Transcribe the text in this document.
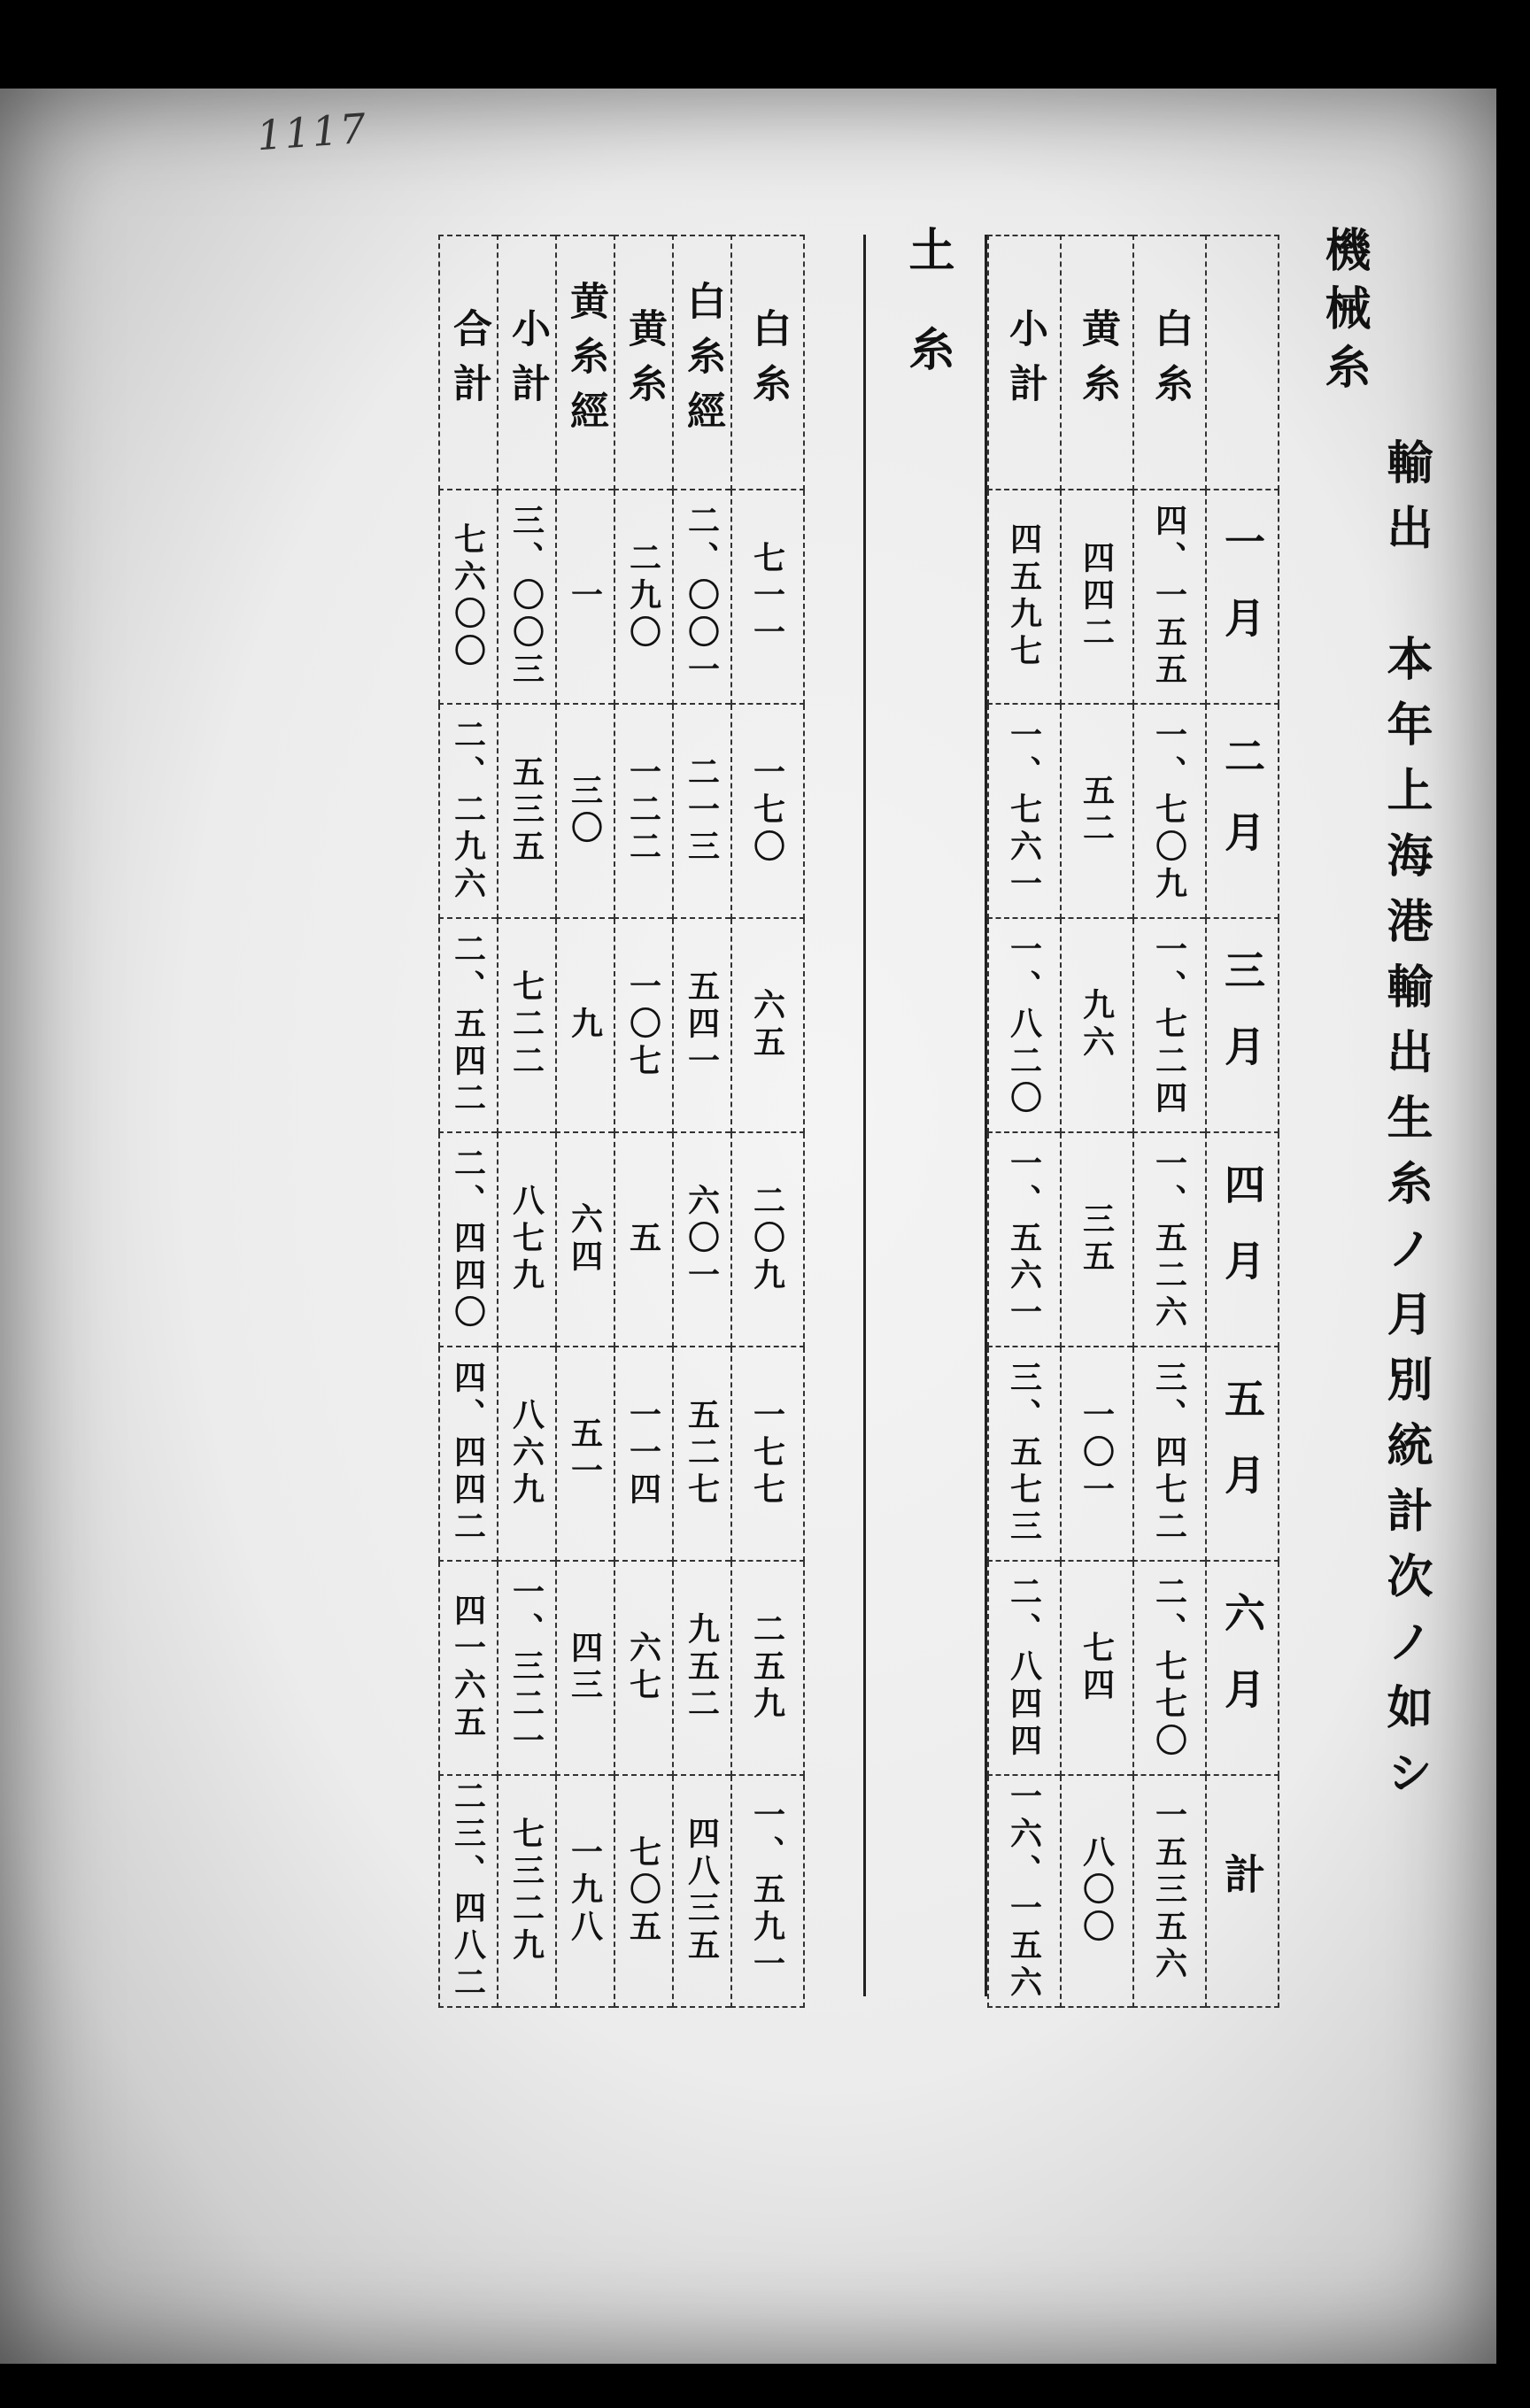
1117
機械糸
輸出　本年上海港輸出生糸ノ月別統計次ノ如シ
	一月	二月	三月	四月	五月	六月	計
白糸	四、一五五	一、七〇九	一、七二四	一、五二六	三、四七二	二、七七〇	一五三五六
黄糸	四四二	五二	九六	三五	一〇一	七四	八〇〇
小計	四五九七	一、七六一	一、八二〇	一、五六一	三、五七三	二、八四四	一六、一五六
土糸
白糸	七一一	一七〇	六五	二〇九	一七七	二五九	一、五九一
白糸經	二、〇〇一	二一三	五四一	六〇一	五二七	九五二	四八三五
黄糸	二九〇	一二二	一〇七	五	一一四	六七	七〇五
黄糸經	一	三〇	九	六四	五一	四三	一九八
小計	三、〇〇三	五三五	七二二	八七九	八六九	一、三二一	七三二九
合計	七六〇〇	二、二九六	二、五四二	二、四四〇	四、四四二	四一六五	二三、四八二
